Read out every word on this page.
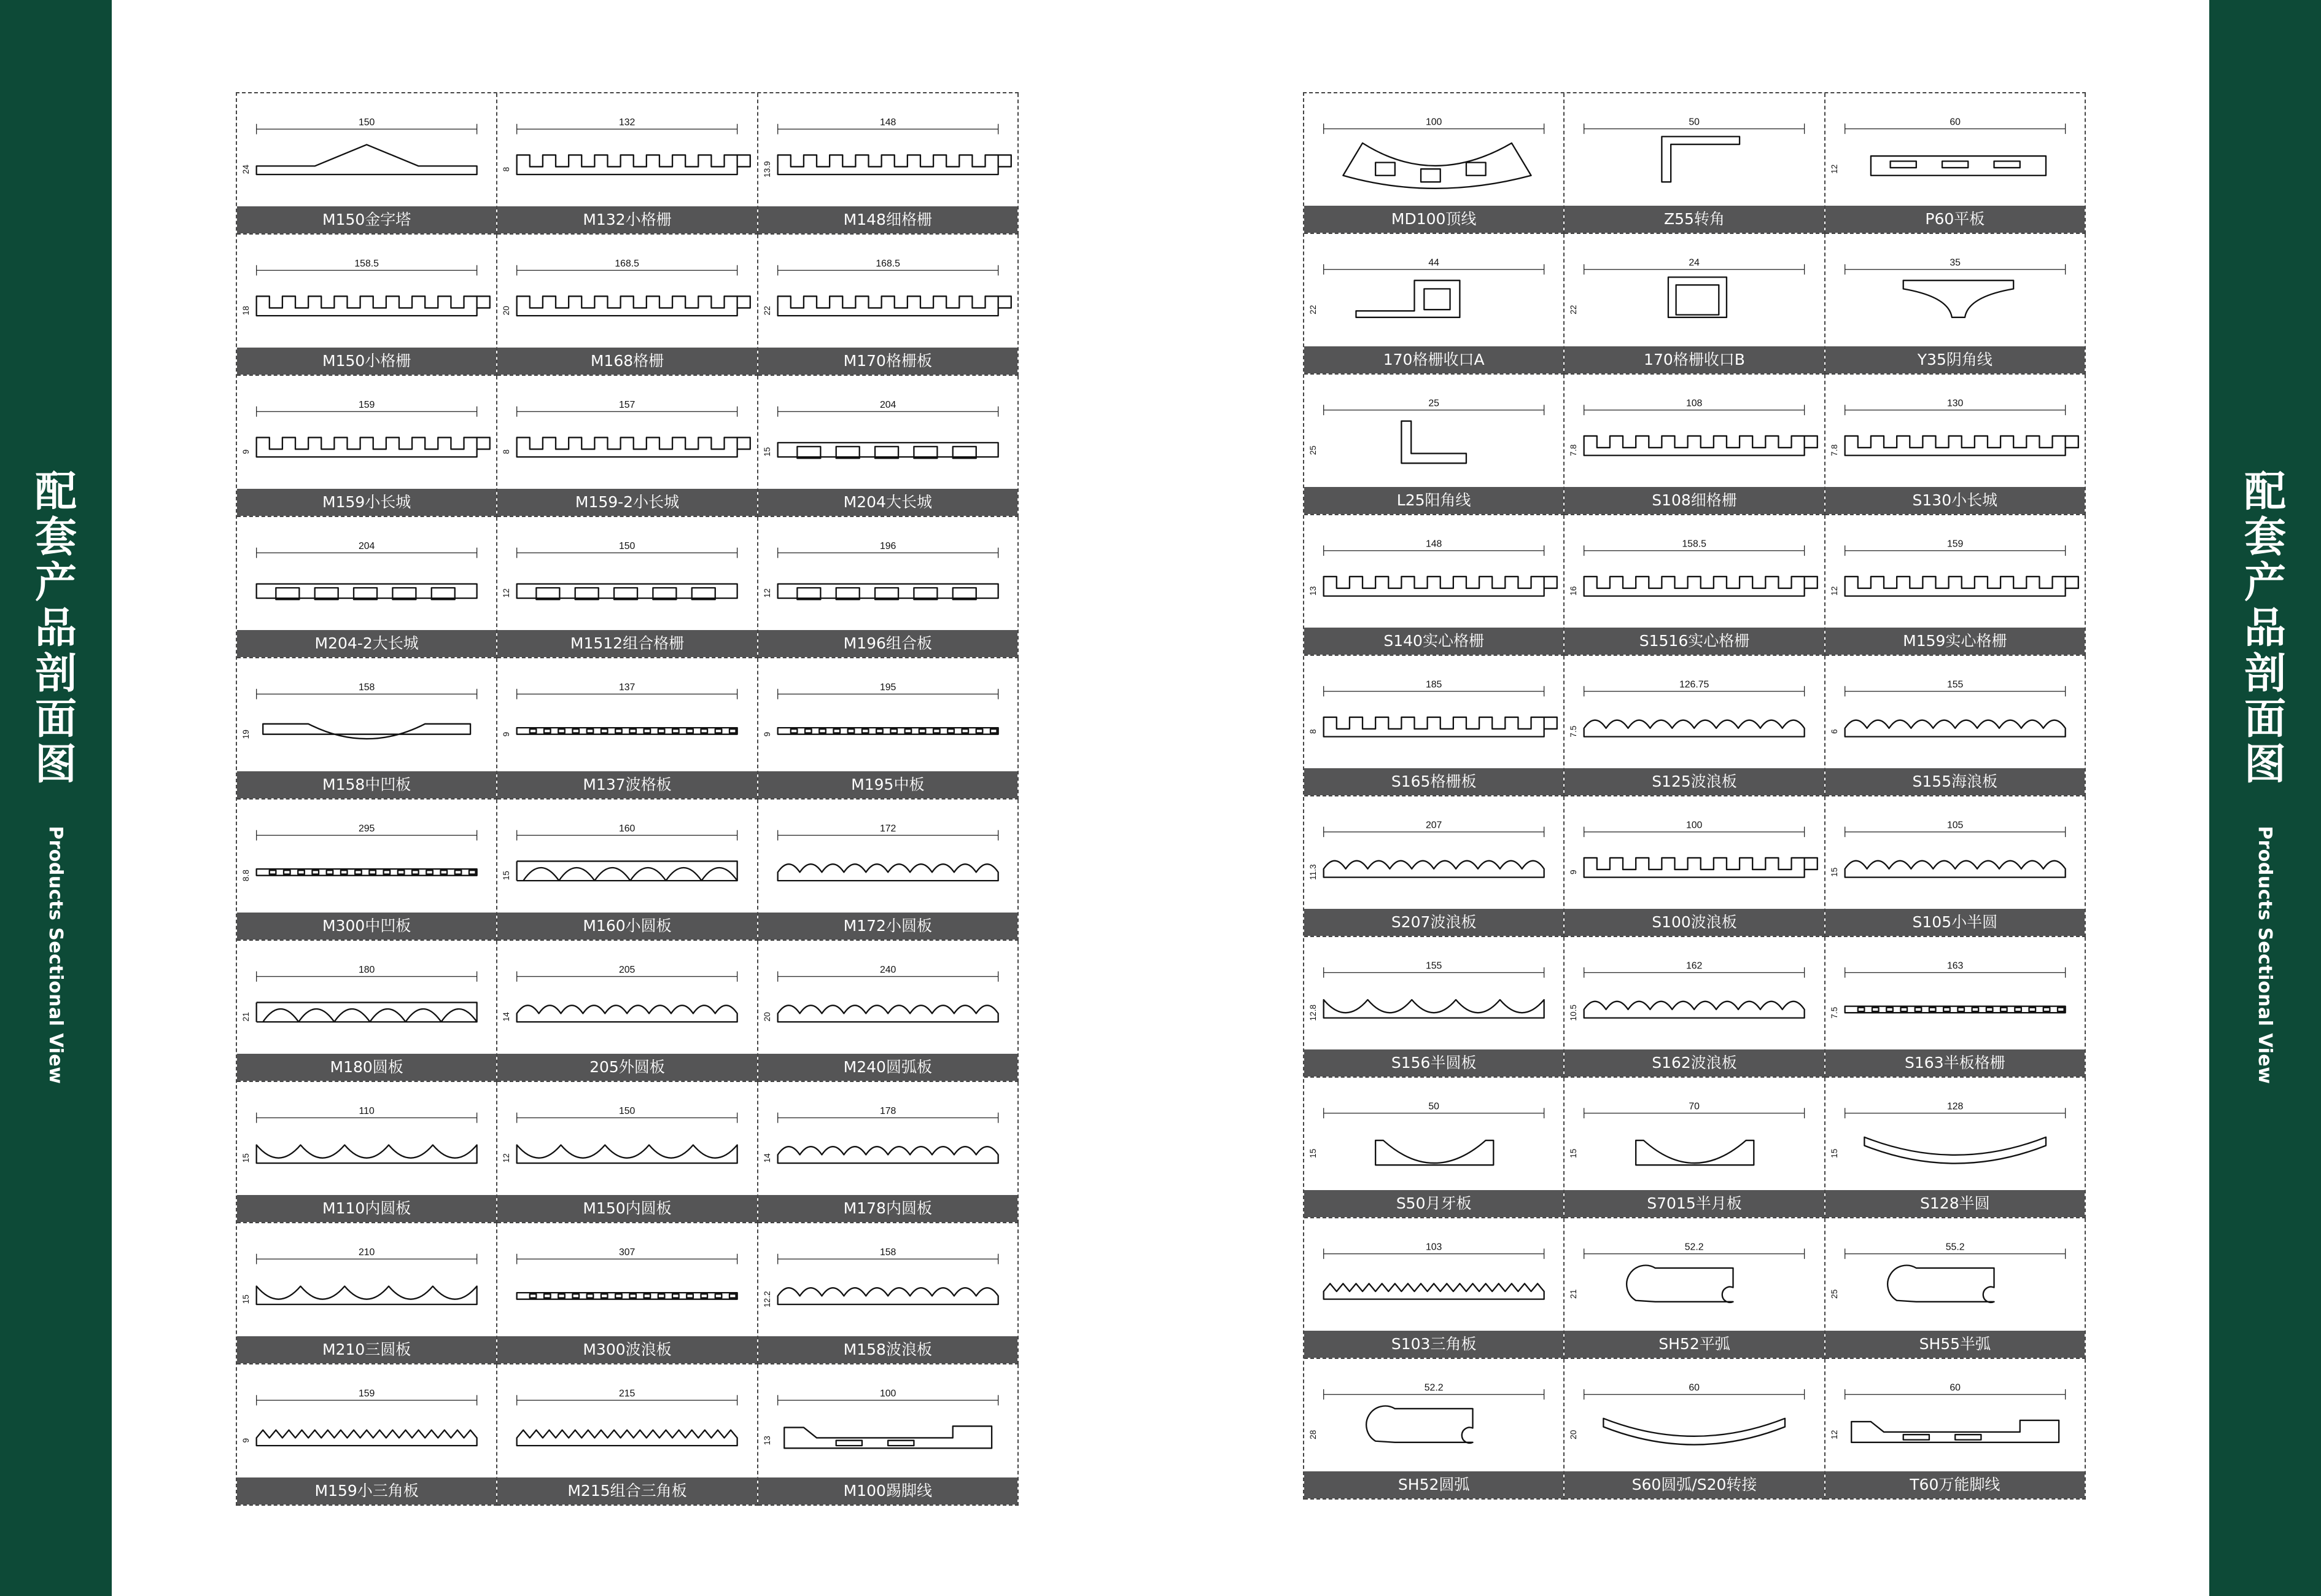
配
套
产
品
剖
面
图
Products Sectional View
配
套
产
品
剖
面
图
Products Sectional View
150
24
M150金字塔
132
8
M132小格栅
148
13.9
M148细格栅
158.5
18
M150小格栅
168.5
20
M168格栅
168.5
22
M170格栅板
159
9
M159小长城
157
8
M159-2小长城
204
15
M204大长城
204
M204-2大长城
150
12
M1512组合格栅
196
12
M196组合板
158
19
M158中凹板
137
9
M137波格板
195
9
M195中板
295
8.8
M300中凹板
160
15
M160小圆板
172
M172小圆板
180
21
M180圆板
205
14
205外圆板
240
20
M240圆弧板
110
15
M110内圆板
150
12
M150内圆板
178
14
M178内圆板
210
15
M210三圆板
307
M300波浪板
158
12.2
M158波浪板
159
9
M159小三角板
215
M215组合三角板
100
13
M100踢脚线
100
MD100顶线
50
Z55转角
60
12
P60平板
44
22
170格栅收口A
24
22
170格栅收口B
35
Y35阴角线
25
25
L25阳角线
108
7.8
S108细格栅
130
7.8
S130小长城
148
13
S140实心格栅
158.5
16
S1516实心格栅
159
12
M159实心格栅
185
8
S165格栅板
126.75
7.5
S125波浪板
155
6
S155海浪板
207
11.3
S207波浪板
100
9
S100波浪板
105
15
S105小半圆
155
12.8
S156半圆板
162
10.5
S162波浪板
163
7.5
S163半板格栅
50
15
S50月牙板
70
15
S7015半月板
128
15
S128半圆
103
S103三角板
52.2
21
SH52平弧
55.2
25
SH55半弧
52.2
28
SH52圆弧
60
20
S60圆弧/S20转接
60
12
T60万能脚线
